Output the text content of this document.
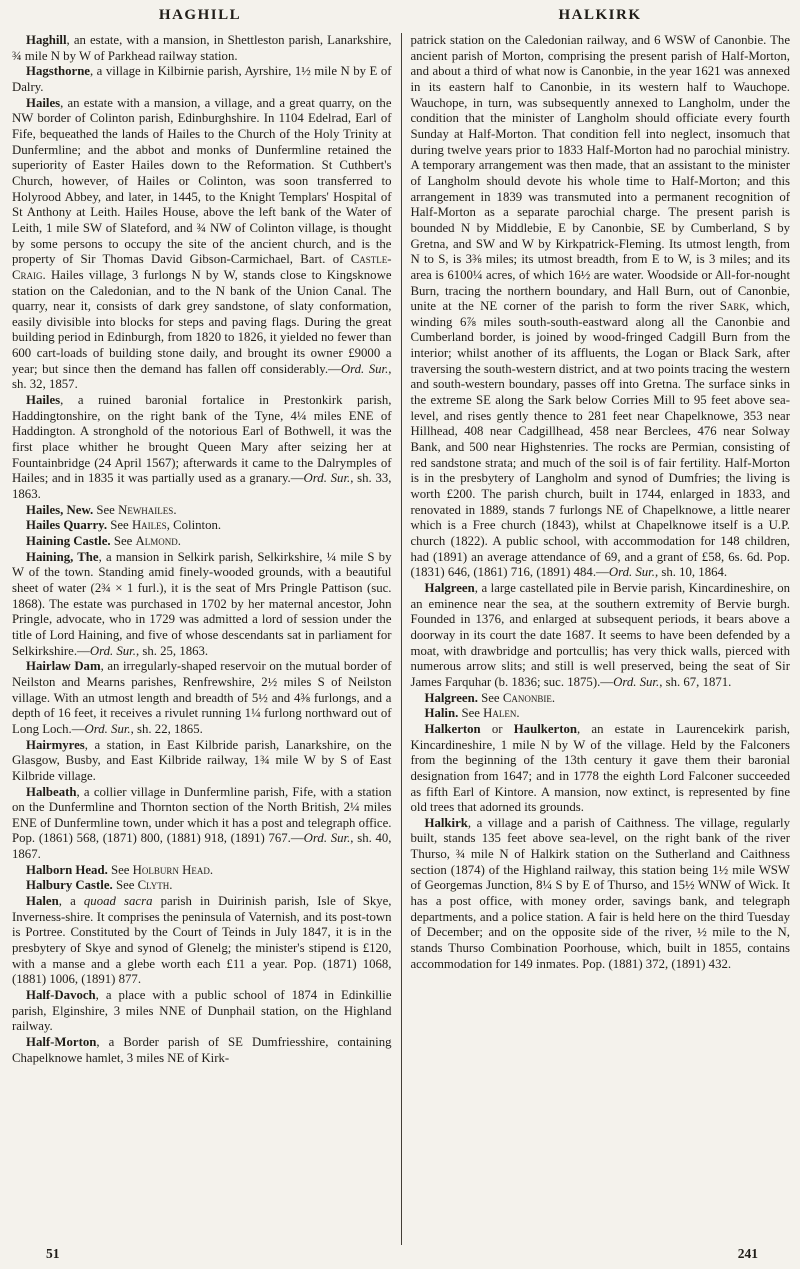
HAGHILL	HALKIRK

Haghill, an estate, with a mansion, in Shettleston parish, Lanarkshire, ¾ mile N by W of Parkhead railway station.

Hagsthorne, a village in Kilbirnie parish, Ayrshire, 1½ mile N by E of Dalry.

Hailes, an estate with a mansion, a village, and a great quarry, on the NW border of Colinton parish, Edinburghshire. In 1104 Edelrad, Earl of Fife, bequeathed the lands of Hailes to the Church of the Holy Trinity at Dunfermline; and the abbot and monks of Dunfermline retained the superiority of Easter Hailes down to the Reformation. St Cuthbert's Church, however, of Hailes or Colinton, was soon transferred to Holyrood Abbey, and later, in 1445, to the Knight Templars' Hospital of St Anthony at Leith. Hailes House, above the left bank of the Water of Leith, 1 mile SW of Slateford, and ¾ NW of Colinton village, is thought by some persons to occupy the site of the ancient church, and is the property of Sir Thomas David Gibson-Carmichael, Bart. of Castle-Craig. Hailes village, 3 furlongs N by W, stands close to Kingsknowe station on the Caledonian, and to the N bank of the Union Canal. The quarry, near it, consists of dark grey sandstone, of slaty conformation, easily divisible into blocks for steps and paving flags. During the great building period in Edinburgh, from 1820 to 1826, it yielded no fewer than 600 cart-loads of building stone daily, and brought its owner £9000 a year; but since then the demand has fallen off considerably.—Ord. Sur., sh. 32, 1857.

Hailes, a ruined baronial fortalice in Prestonkirk parish, Haddingtonshire, on the right bank of the Tyne, 4¼ miles ENE of Haddington. A stronghold of the notorious Earl of Bothwell, it was the first place whither he brought Queen Mary after seizing her at Fountainbridge (24 April 1567); afterwards it came to the Dalrymples of Hailes; and in 1835 it was partially used as a granary.—Ord. Sur., sh. 33, 1863.

Hailes, New. See Newhailes.

Hailes Quarry. See Hailes, Colinton.

Haining Castle. See Almond.

Haining, The, a mansion in Selkirk parish, Selkirkshire, ¼ mile S by W of the town. Standing amid finely-wooded grounds, with a beautiful sheet of water (2¾ × 1 furl.), it is the seat of Mrs Pringle Pattison (suc. 1868). The estate was purchased in 1702 by her maternal ancestor, John Pringle, advocate, who in 1729 was admitted a lord of session under the title of Lord Haining, and five of whose descendants sat in parliament for Selkirkshire.—Ord. Sur., sh. 25, 1863.

Hairlaw Dam, an irregularly-shaped reservoir on the mutual border of Neilston and Mearns parishes, Renfrewshire, 2½ miles S of Neilston village. With an utmost length and breadth of 5½ and 4⅜ furlongs, and a depth of 16 feet, it receives a rivulet running 1¼ furlong northward out of Long Loch.—Ord. Sur., sh. 22, 1865.

Hairmyres, a station, in East Kilbride parish, Lanarkshire, on the Glasgow, Busby, and East Kilbride railway, 1¾ mile W by S of East Kilbride village.

Halbeath, a collier village in Dunfermline parish, Fife, with a station on the Dunfermline and Thornton section of the North British, 2¼ miles ENE of Dunfermline town, under which it has a post and telegraph office. Pop. (1861) 568, (1871) 800, (1881) 918, (1891) 767.—Ord. Sur., sh. 40, 1867.

Halborn Head. See Holburn Head.

Halbury Castle. See Clyth.

Halen, a quoad sacra parish in Duirinish parish, Isle of Skye, Inverness-shire. It comprises the peninsula of Vaternish, and its post-town is Portree. Constituted by the Court of Teinds in July 1847, it is in the presbytery of Skye and synod of Glenelg; the minister's stipend is £120, with a manse and a glebe worth each £11 a year. Pop. (1871) 1068, (1881) 1006, (1891) 877.

Half-Davoch, a place with a public school of 1874 in Edinkillie parish, Elginshire, 3 miles NNE of Dunphail station, on the Highland railway.

Half-Morton, a Border parish of SE Dumfriesshire, containing Chapelknowe hamlet, 3 miles NE of Kirk-

patrick station on the Caledonian railway, and 6 WSW of Canonbie. The ancient parish of Morton, comprising the present parish of Half-Morton, and about a third of what now is Canonbie, in the year 1621 was annexed in its eastern half to Canonbie, in its western half to Wauchope. Wauchope, in turn, was subsequently annexed to Langholm, under the condition that the minister of Langholm should officiate every fourth Sunday at Half-Morton. That condition fell into neglect, insomuch that during twelve years prior to 1833 Half-Morton had no parochial ministry. A temporary arrangement was then made, that an assistant to the minister of Langholm should devote his whole time to Half-Morton; and this arrangement in 1839 was transmuted into a permanent recognition of Half-Morton as a separate parochial charge. The present parish is bounded N by Middlebie, E by Canonbie, SE by Cumberland, S by Gretna, and SW and W by Kirkpatrick-Fleming. Its utmost length, from N to S, is 3⅜ miles; its utmost breadth, from E to W, is 3 miles; and its area is 6100¼ acres, of which 16½ are water. Woodside or All-for-nought Burn, tracing the northern boundary, and Hall Burn, out of Canonbie, unite at the NE corner of the parish to form the river Sark, which, winding 6⅞ miles south-south-eastward along all the Canonbie and Cumberland border, is joined by wood-fringed Cadgill Burn from the interior; whilst another of its affluents, the Logan or Black Sark, after traversing the south-western district, and at two points tracing the western and south-western boundary, passes off into Gretna. The surface sinks in the extreme SE along the Sark below Corries Mill to 95 feet above sea-level, and rises gently thence to 281 feet near Chapelknowe, 353 near Hillhead, 408 near Cadgillhead, 458 near Berclees, 476 near Solway Bank, and 500 near Highstenries. The rocks are Permian, consisting of red sandstone strata; and much of the soil is of fair fertility. Half-Morton is in the presbytery of Langholm and synod of Dumfries; the living is worth £200. The parish church, built in 1744, enlarged in 1833, and renovated in 1889, stands 7 furlongs NE of Chapelknowe, a little nearer which is a Free church (1843), whilst at Chapelknowe itself is a U.P. church (1822). A public school, with accommodation for 148 children, had (1891) an average attendance of 69, and a grant of £58, 6s. 6d. Pop. (1831) 646, (1861) 716, (1891) 484.—Ord. Sur., sh. 10, 1864.

Halgreen, a large castellated pile in Bervie parish, Kincardineshire, on an eminence near the sea, at the southern extremity of Bervie burgh. Founded in 1376, and enlarged at subsequent periods, it bears above a doorway in its court the date 1687. It seems to have been defended by a moat, with drawbridge and portcullis; has very thick walls, pierced with numerous arrow slits; and still is well preserved, being the seat of Sir James Farquhar (b. 1836; suc. 1875).—Ord. Sur., sh. 67, 1871.

Halgreen. See Canonbie.

Halin. See Halen.

Halkerton or Haulkerton, an estate in Laurencekirk parish, Kincardineshire, 1 mile N by W of the village. Held by the Falconers from the beginning of the 13th century it gave them their baronial designation from 1647; and in 1778 the eighth Lord Falconer succeeded as fifth Earl of Kintore. A mansion, now extinct, is represented by fine old trees that adorned its grounds.

Halkirk, a village and a parish of Caithness. The village, regularly built, stands 135 feet above sea-level, on the right bank of the river Thurso, ¾ mile N of Halkirk station on the Sutherland and Caithness section (1874) of the Highland railway, this station being 1½ mile WSW of Georgemas Junction, 8¼ S by E of Thurso, and 15½ WNW of Wick. It has a post office, with money order, savings bank, and telegraph departments, and a police station. A fair is held here on the third Tuesday of December; and on the opposite side of the river, ½ mile to the N, stands Thurso Combination Poorhouse, which, built in 1855, contains accommodation for 149 inmates. Pop. (1881) 372, (1891) 432.

51	241
